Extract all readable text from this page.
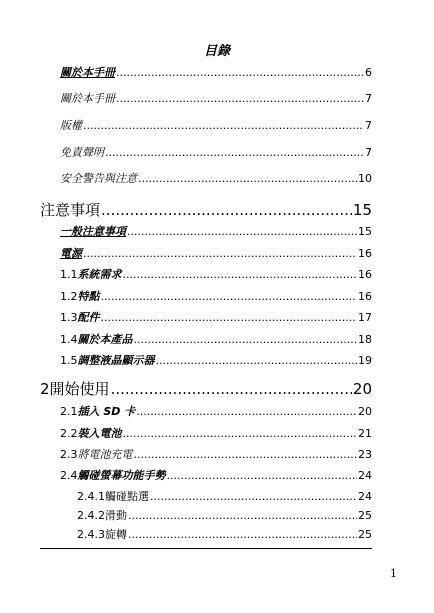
目錄
關於本手冊 .....	6
關於本手冊 .....	7
版權 .....	7
免責聲明 .....	7
安全警告與注意 .....	10
注意事項 .....	15
一般注意事項 .....	15
電源 .....	16
1.1 系統需求 .....	16
1.2 特點 .....	16
1.3 配件 .....	17
1.4 關於本產品 .....	18
1.5 調整液晶顯示器 .....	19
2 開始使用 .....	20
2.1 插入 SD 卡 .....	20
2.2 裝入電池 .....	21
2.3 將電池充電 .....	23
2.4 觸碰螢幕功能手勢 .....	24
2.4.1 觸碰點選 .....	24
2.4.2 滑動 .....	25
2.4.3 旋轉 .....	25
1
